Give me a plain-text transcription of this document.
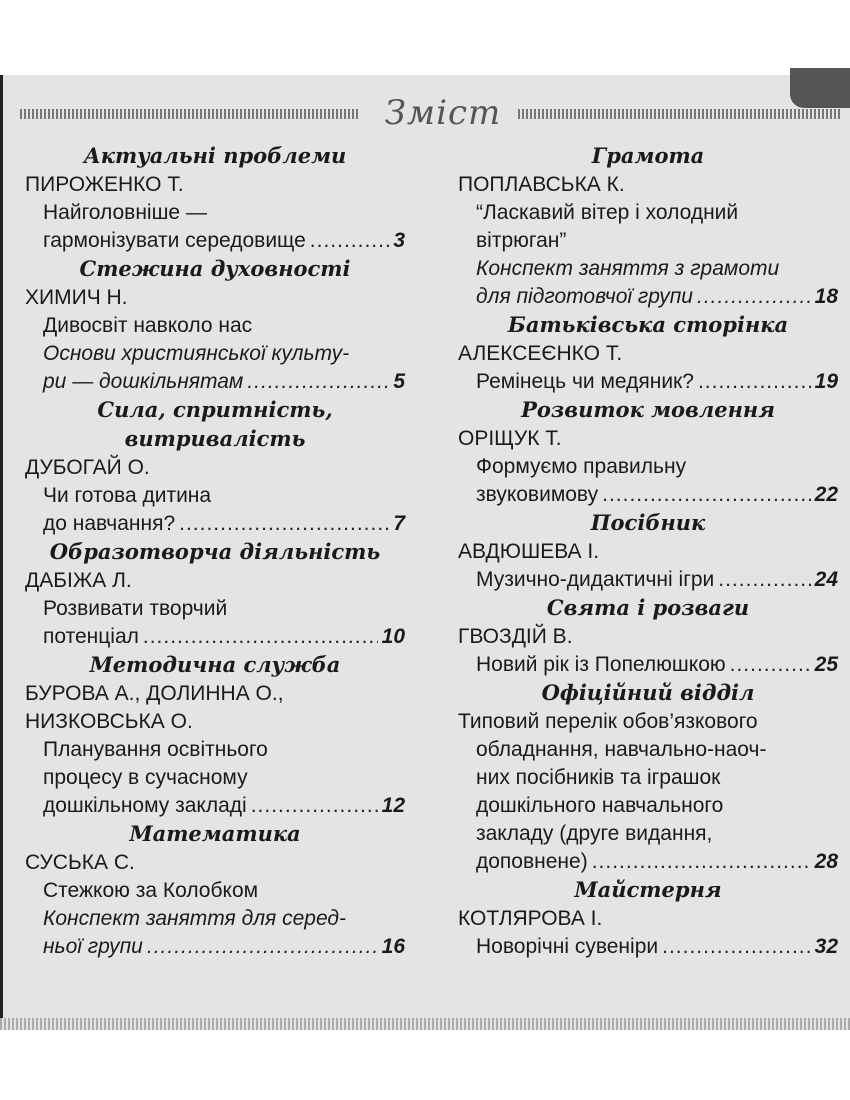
Зміст
Актуальні проблеми
ПИРОЖЕНКО Т.
Найголовніше —
гармонізувати середовище .....	3
Стежина духовності
ХИМИЧ Н.
Дивосвіт навколо нас
Основи християнської культу-
ри — дошкільнятам .....	5
Сила, спритність,
витривалість
ДУБОГАЙ О.
Чи готова дитина
до навчання? .....	7
Образотворча діяльність
ДАБІЖА Л.
Розвивати творчий
потенціал .....	10
Методична служба
БУРОВА А., ДОЛИННА О.,
НИЗКОВСЬКА О.
Планування освітнього
процесу в сучасному
дошкільному закладі .....	12
Математика
СУСЬКА С.
Стежкою за Колобком
Конспект заняття для серед-
ньої групи .....	16
Грамота
ПОПЛАВСЬКА К.
“Ласкавий вітер і холодний
вітрюган”
Конспект заняття з грамоти
для підготовчої групи .....	18
Батьківська сторінка
АЛЕКСЕЄНКО Т.
Ремінець чи медяник? .....	19
Розвиток мовлення
ОРІЩУК Т.
Формуємо правильну
звуковимову .....	22
Посібник
АВДЮШЕВА І.
Музично-дидактичні ігри .....	24
Свята і розваги
ГВОЗДІЙ В.
Новий рік із Попелюшкою .....	25
Офіційний відділ
Типовий перелік обов’язкового
обладнання, навчально-наоч-
них посібників та іграшок
дошкільного навчального
закладу (друге видання,
доповнене) .....	28
Майстерня
КОТЛЯРОВА І.
Новорічні сувеніри .....	32
